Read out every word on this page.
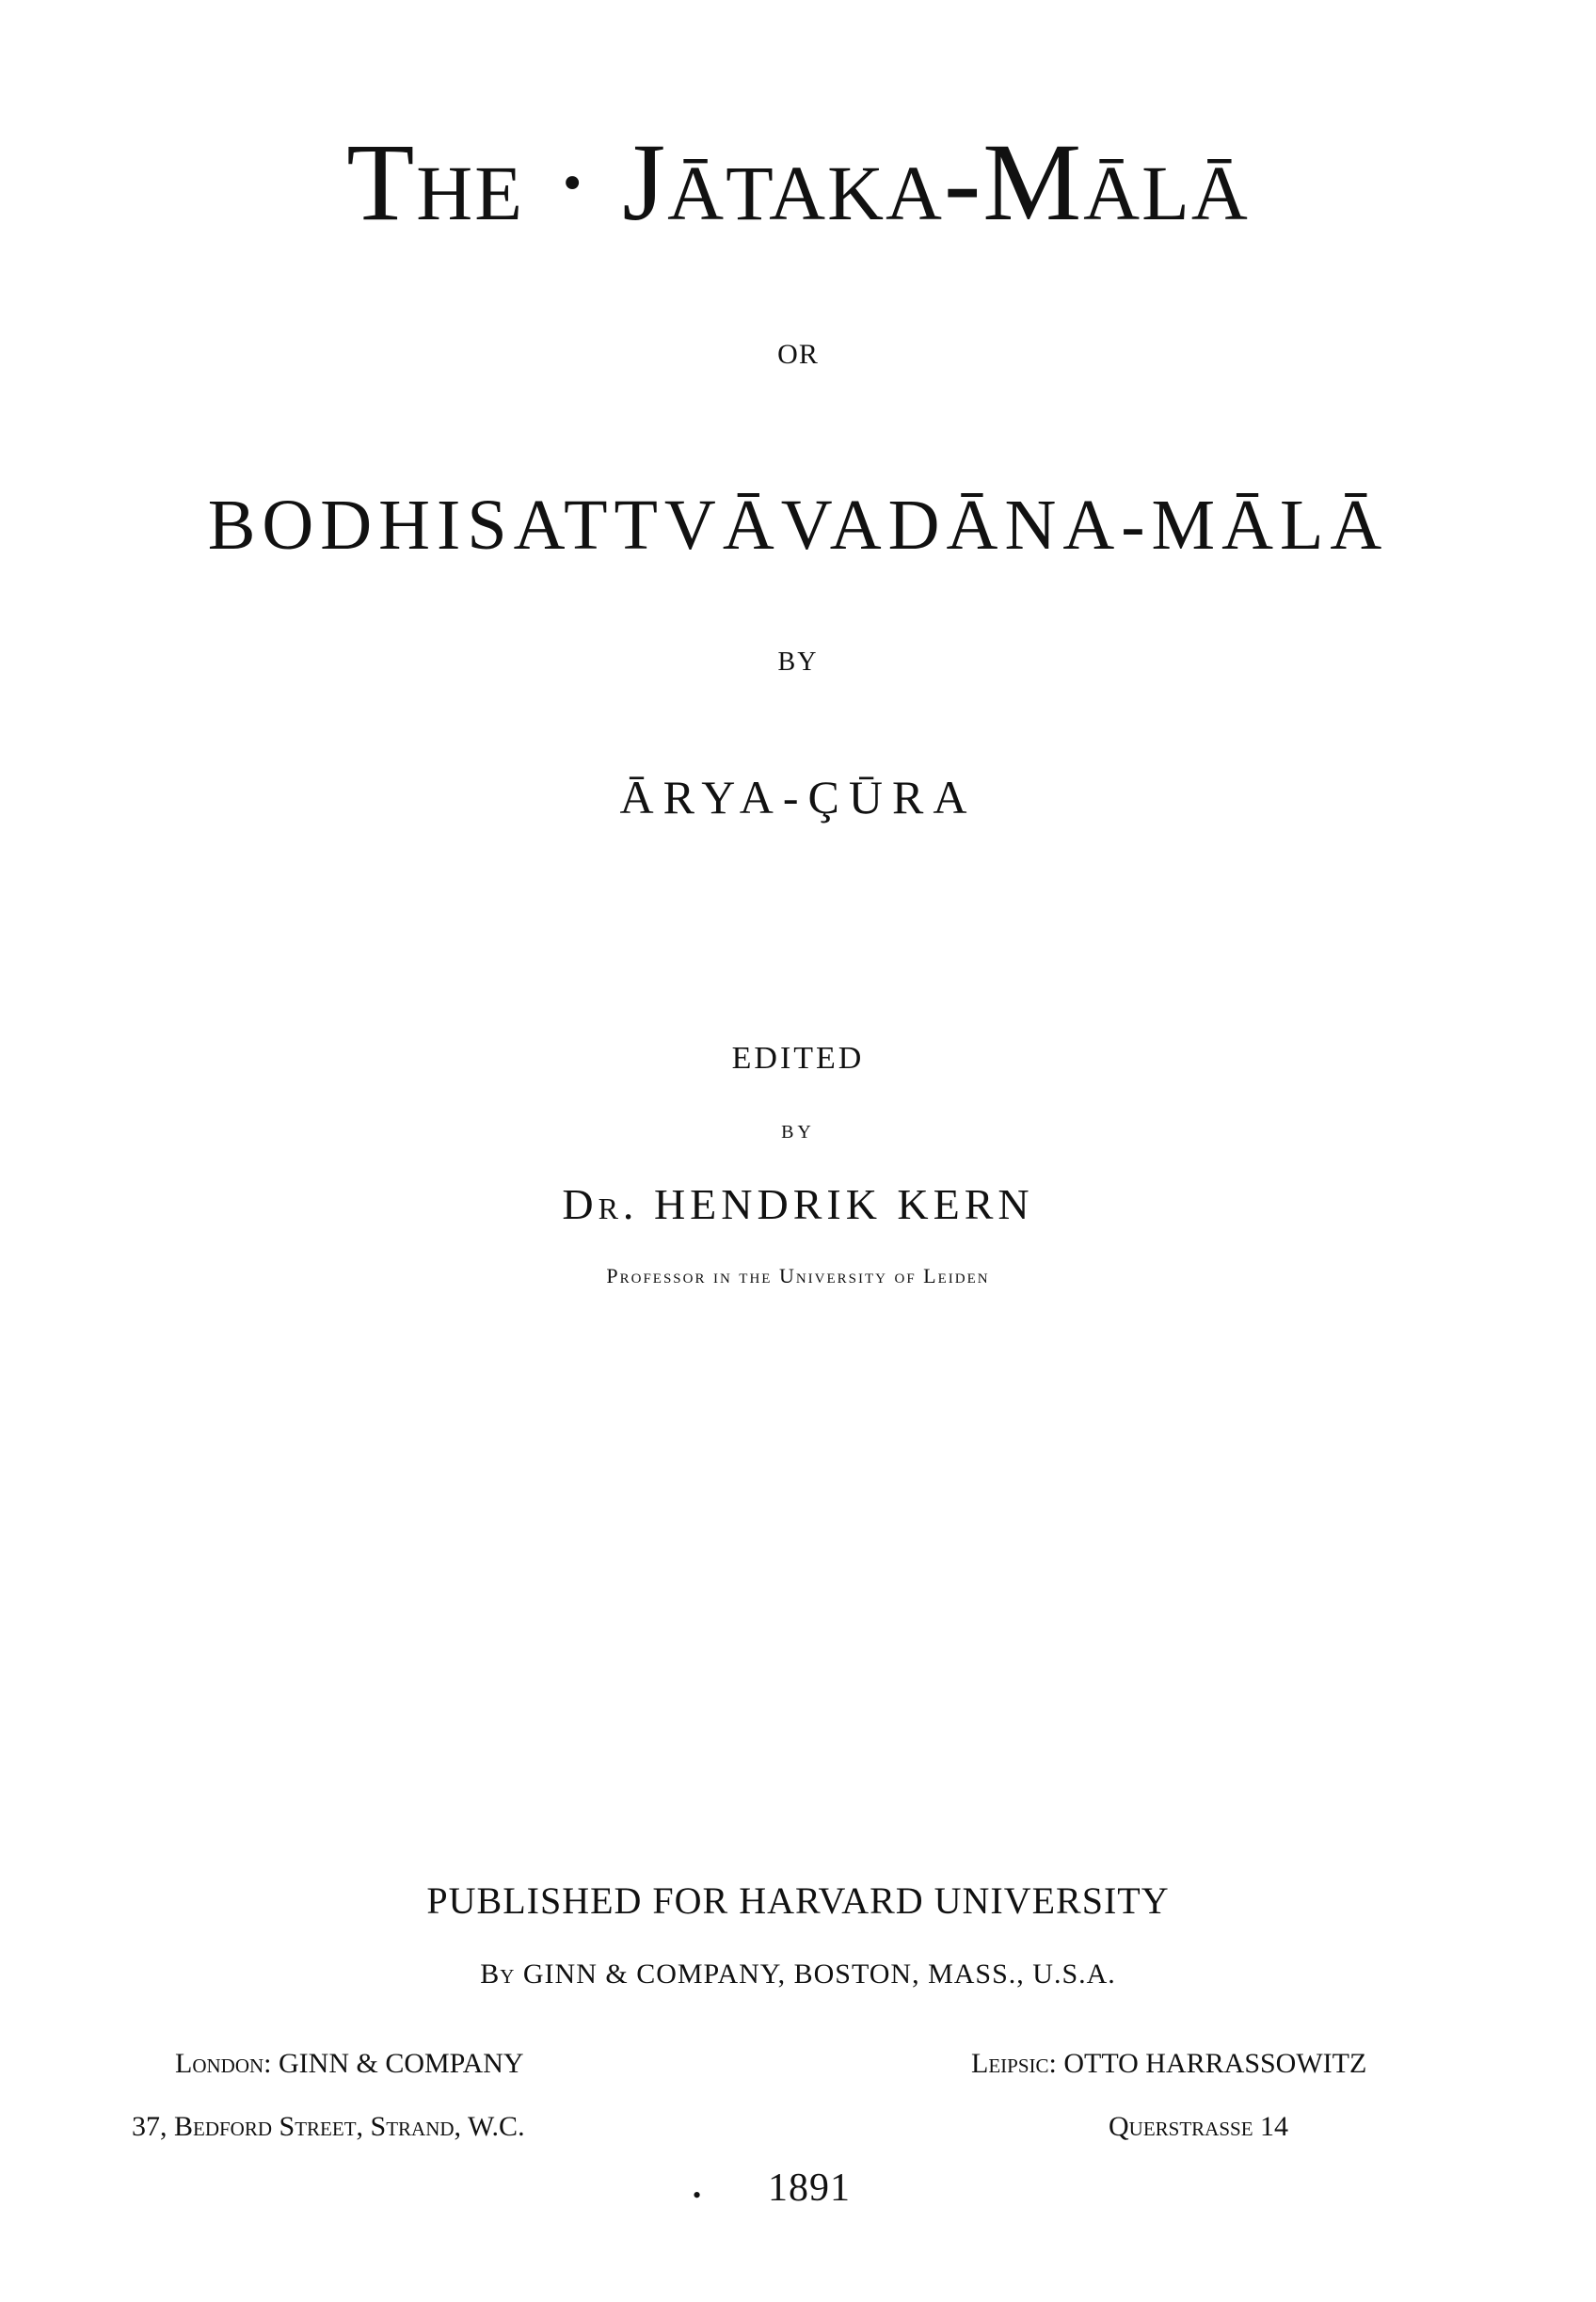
The · Jātaka-Mālā
OR
BODHISATTVĀVADĀNA-MĀLĀ
BY
ĀRYA-ÇŪRA
EDITED
BY
Dr. HENDRIK KERN
Professor in the University of Leiden
PUBLISHED FOR HARVARD UNIVERSITY
By GINN & COMPANY, BOSTON, MASS., U.S.A.
London: GINN & COMPANY
37, Bedford Street, Strand, W.C.
Leipsic: OTTO HARRASSOWITZ
Querstrasse 14
• 1891
